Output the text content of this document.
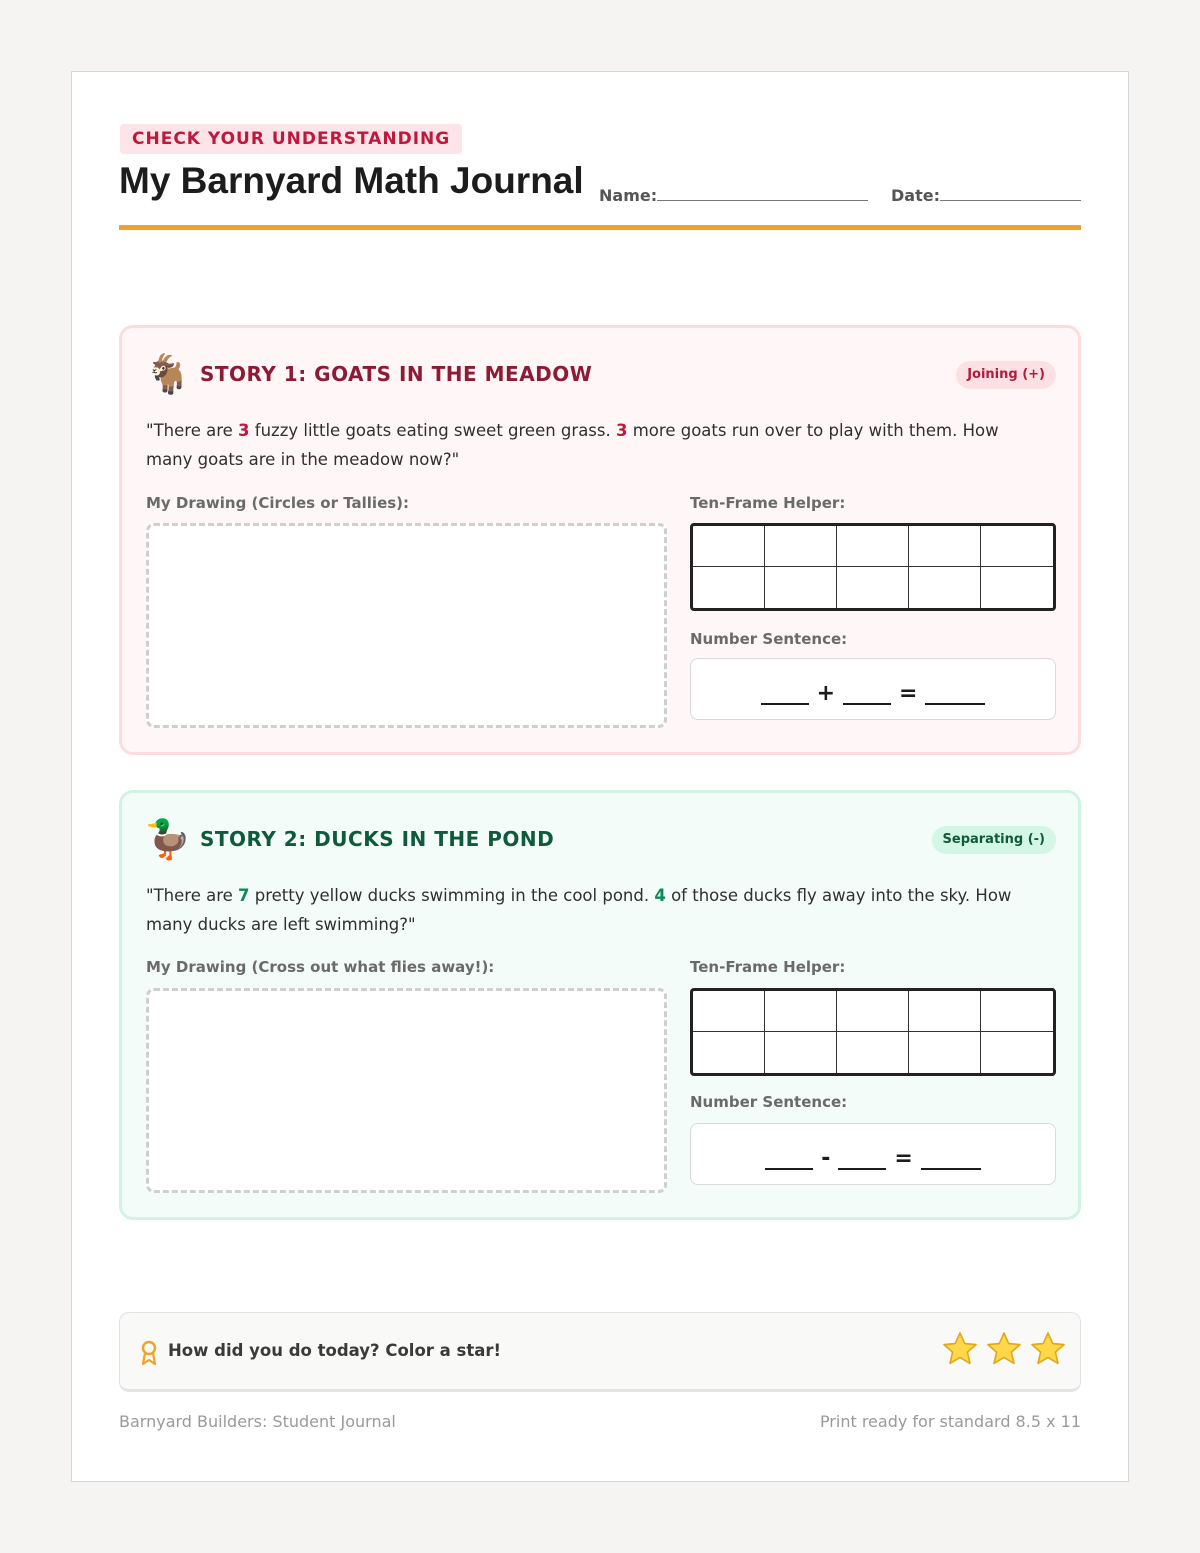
CHECK YOUR UNDERSTANDING
My Barnyard Math Journal Name:	Date:
🐐 STORY 1: GOATS IN THE MEADOW	Joining (+)
"There are 3 fuzzy little goats eating sweet green grass. 3 more goats run over to play with them. How many goats are in the meadow now?"
My Drawing (Circles or Tallies):	Ten-Frame Helper:
Number Sentence:
+	=
🦆 STORY 2: DUCKS IN THE POND	Separating (-)
"There are 7 pretty yellow ducks swimming in the cool pond. 4 of those ducks fly away into the sky. How many ducks are left swimming?"
My Drawing (Cross out what flies away!):	Ten-Frame Helper:
Number Sentence:
-	=
How did you do today? Color a star!
Barnyard Builders: Student Journal	Print ready for standard 8.5 x 11
